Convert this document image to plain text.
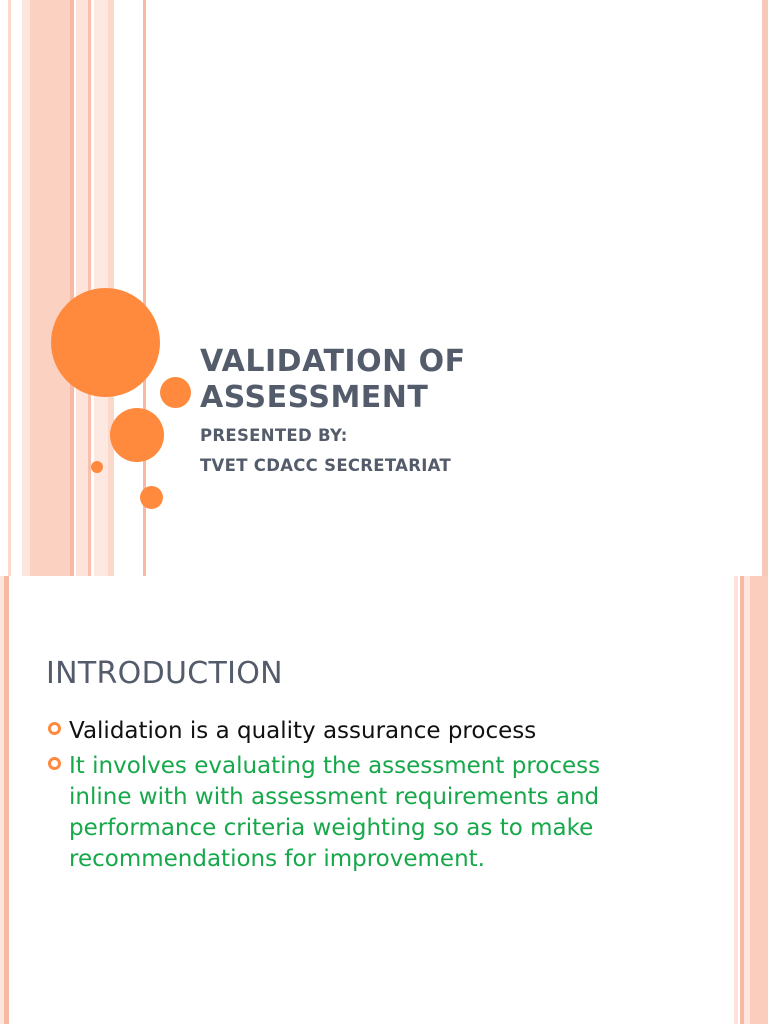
VALIDATION OF
ASSESSMENT
PRESENTED BY:
TVET CDACC SECRETARIAT
INTRODUCTION
Validation is a quality assurance process
It involves evaluating the assessment process inline with with assessment requirements and performance criteria weighting so as to make recommendations for improvement.
